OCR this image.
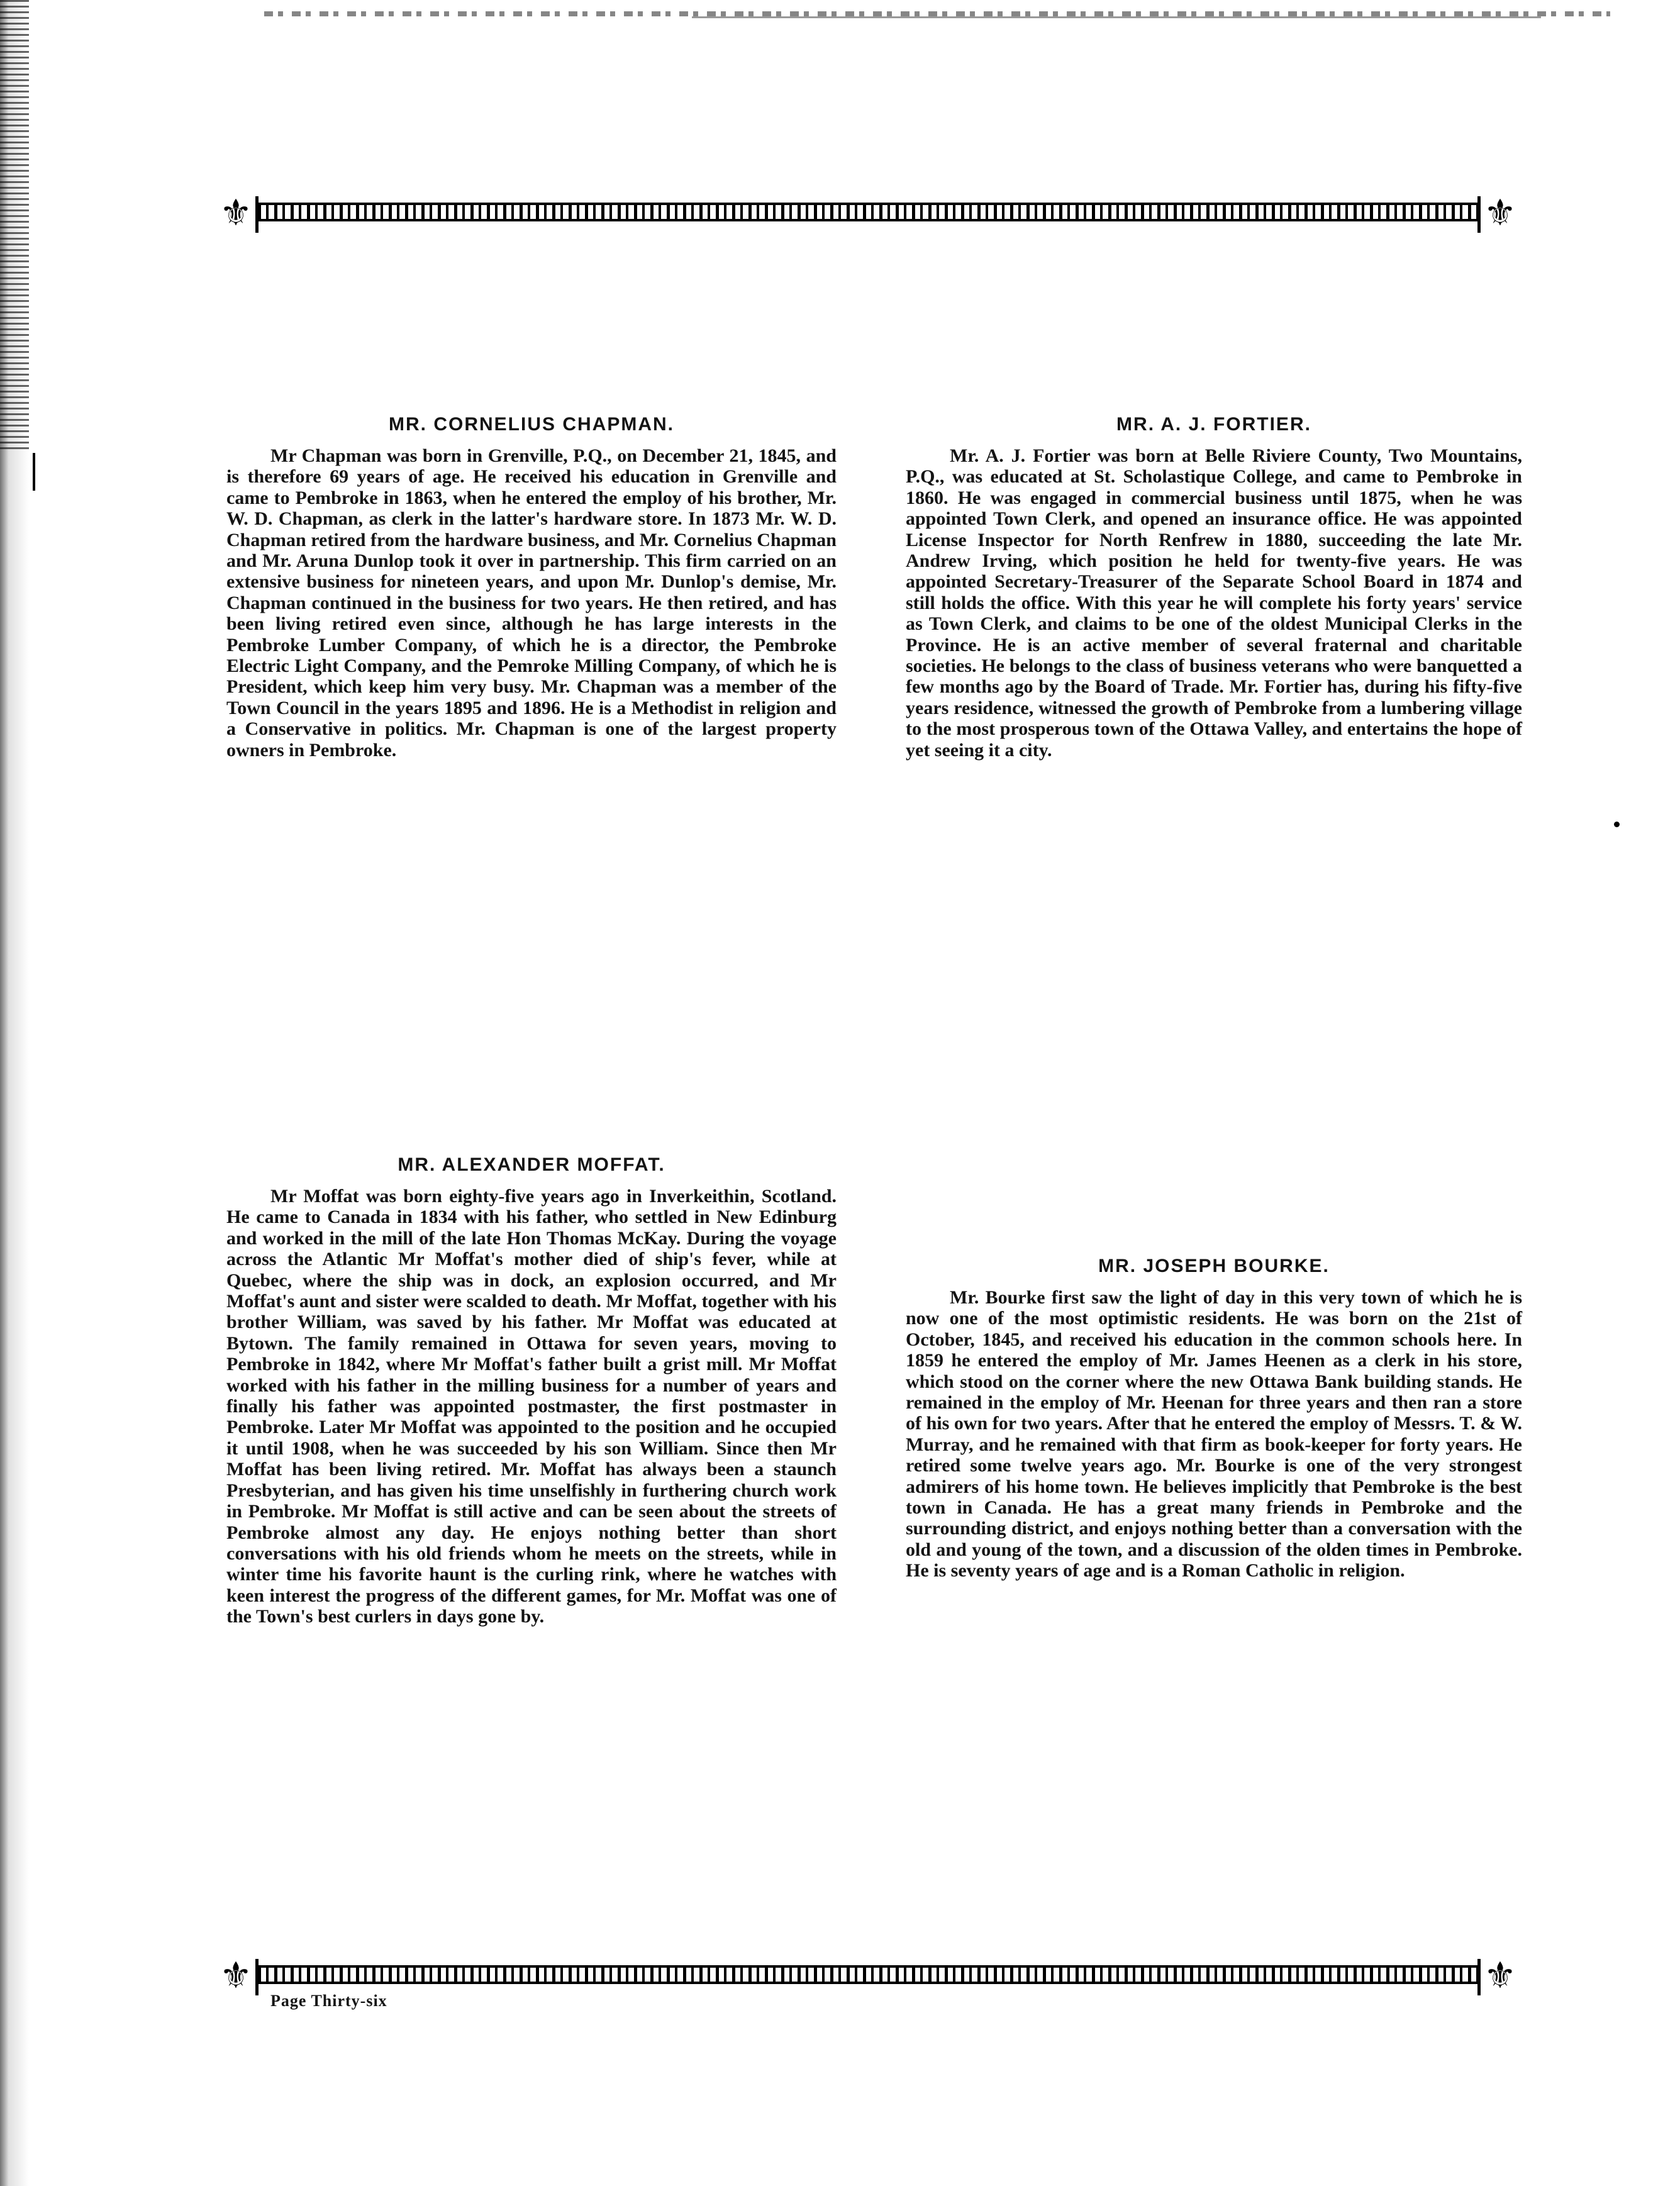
⚜	⚜
MR. CORNELIUS CHAPMAN.

Mr Chapman was born in Grenville, P.Q., on December 21, 1845, and is therefore 69 years of age. He received his education in Grenville and came to Pembroke in 1863, when he entered the employ of his brother, Mr. W. D. Chapman, as clerk in the latter's hardware store. In 1873 Mr. W. D. Chapman retired from the hardware business, and Mr. Cornelius Chapman and Mr. Aruna Dunlop took it over in partnership. This firm carried on an extensive business for nineteen years, and upon Mr. Dunlop's demise, Mr. Chapman continued in the business for two years. He then retired, and has been living retired even since, although he has large interests in the Pembroke Lumber Company, of which he is a director, the Pembroke Electric Light Company, and the Pemroke Milling Company, of which he is President, which keep him very busy. Mr. Chapman was a member of the Town Council in the years 1895 and 1896. He is a Methodist in religion and a Conservative in politics. Mr. Chapman is one of the largest property owners in Pembroke.

MR. A. J. FORTIER.

Mr. A. J. Fortier was born at Belle Riviere County, Two Mountains, P.Q., was educated at St. Scholastique College, and came to Pembroke in 1860. He was engaged in commercial business until 1875, when he was appointed Town Clerk, and opened an insurance office. He was appointed License Inspector for North Renfrew in 1880, succeeding the late Mr. Andrew Irving, which position he held for twenty-five years. He was appointed Secretary-Treasurer of the Separate School Board in 1874 and still holds the office. With this year he will complete his forty years' service as Town Clerk, and claims to be one of the oldest Municipal Clerks in the Province. He is an active member of several fraternal and charitable societies. He belongs to the class of business veterans who were banquetted a few months ago by the Board of Trade. Mr. Fortier has, during his fifty-five years residence, witnessed the growth of Pembroke from a lumbering village to the most prosperous town of the Ottawa Valley, and entertains the hope of yet seeing it a city.

MR. ALEXANDER MOFFAT.

Mr Moffat was born eighty-five years ago in Inverkeithin, Scotland. He came to Canada in 1834 with his father, who settled in New Edinburg and worked in the mill of the late Hon Thomas McKay. During the voyage across the Atlantic Mr Moffat's mother died of ship's fever, while at Quebec, where the ship was in dock, an explosion occurred, and Mr Moffat's aunt and sister were scalded to death. Mr Moffat, together with his brother William, was saved by his father. Mr Moffat was educated at Bytown. The family remained in Ottawa for seven years, moving to Pembroke in 1842, where Mr Moffat's father built a grist mill. Mr Moffat worked with his father in the milling business for a number of years and finally his father was appointed postmaster, the first postmaster in Pembroke. Later Mr Moffat was appointed to the position and he occupied it until 1908, when he was succeeded by his son William. Since then Mr Moffat has been living retired. Mr. Moffat has always been a staunch Presbyterian, and has given his time unselfishly in furthering church work in Pembroke. Mr Moffat is still active and can be seen about the streets of Pembroke almost any day. He enjoys nothing better than short conversations with his old friends whom he meets on the streets, while in winter time his favorite haunt is the curling rink, where he watches with keen interest the progress of the different games, for Mr. Moffat was one of the Town's best curlers in days gone by.

MR. JOSEPH BOURKE.

Mr. Bourke first saw the light of day in this very town of which he is now one of the most optimistic residents. He was born on the 21st of October, 1845, and received his education in the common schools here. In 1859 he entered the employ of Mr. James Heenen as a clerk in his store, which stood on the corner where the new Ottawa Bank building stands. He remained in the employ of Mr. Heenan for three years and then ran a store of his own for two years. After that he entered the employ of Messrs. T. & W. Murray, and he remained with that firm as book-keeper for forty years. He retired some twelve years ago. Mr. Bourke is one of the very strongest admirers of his home town. He believes implicitly that Pembroke is the best town in Canada. He has a great many friends in Pembroke and the surrounding district, and enjoys nothing better than a conversation with the old and young of the town, and a discussion of the olden times in Pembroke. He is seventy years of age and is a Roman Catholic in religion.

⚜	⚜
Page Thirty-six
